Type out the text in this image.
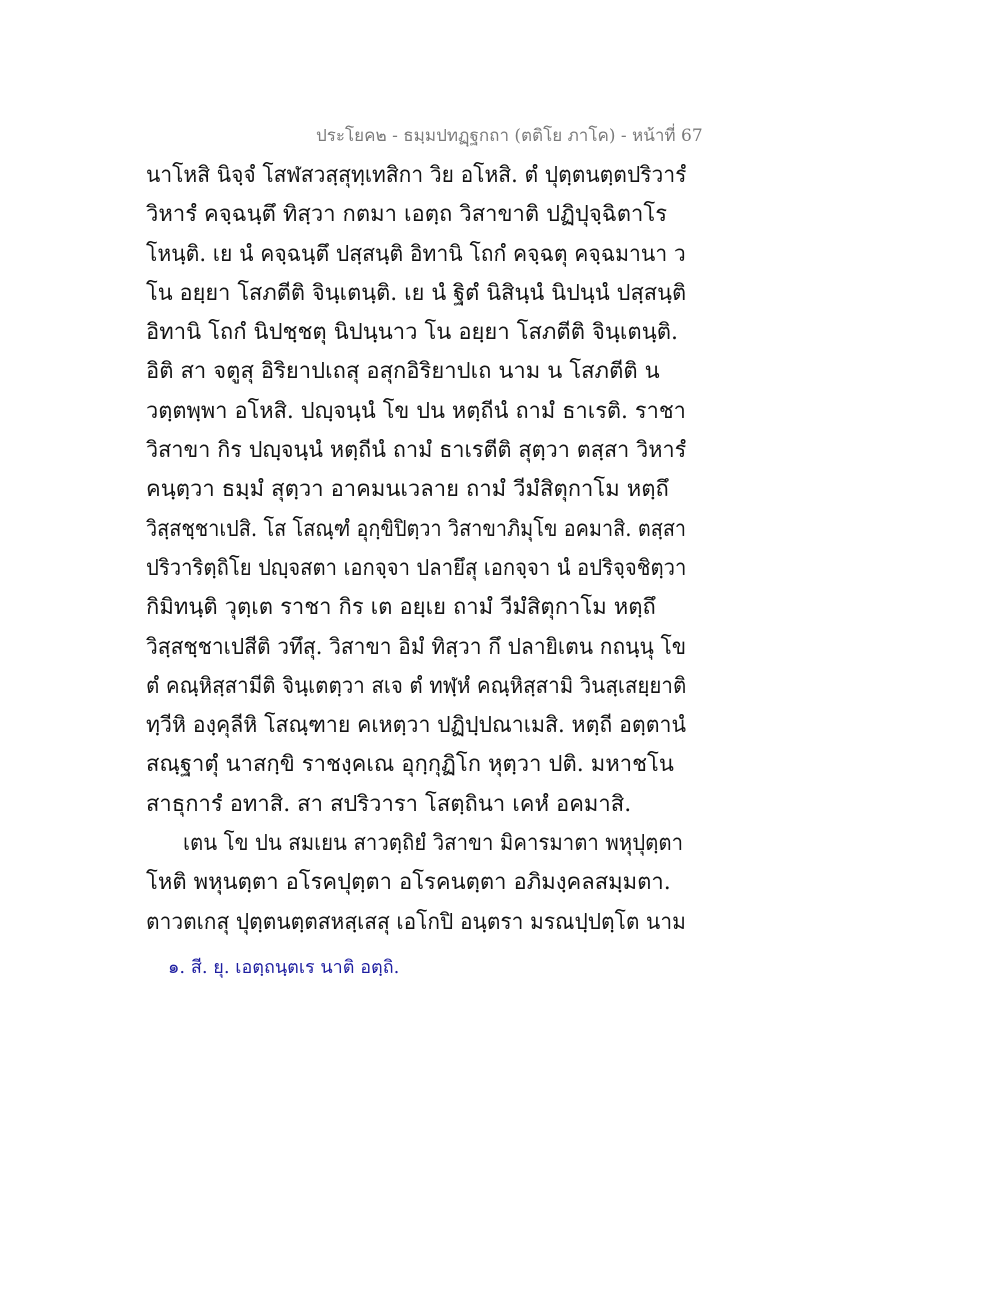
ประโยค๒ - ธมฺมปทฏฺฐกถา (ตติโย ภาโค) - หน้าที่ 67
นาโหสิ นิจฺจํ โสฬสวสฺสุทฺเทสิกา วิย อโหสิ. ตํ ปุตฺตนตฺตปริวารํ
วิหารํ คจฺฉนฺตึ ทิสฺวา กตมา เอตฺถ วิสาขาติ ปฏิปุจฺฉิตาโร
โหนฺติ. เย นํ คจฺฉนฺตึ ปสฺสนฺติ อิทานิ โถกํ คจฺฉตุ คจฺฉมานา ว
โน อยฺยา โสภตีติ จินฺเตนฺติ. เย นํ ฐิตํ นิสินฺนํ นิปนฺนํ ปสฺสนฺติ
อิทานิ โถกํ นิปชฺชตุ นิปนฺนาว โน อยฺยา โสภตีติ จินฺเตนฺติ.
อิติ สา จตูสุ อิริยาปเถสุ อสุกอิริยาปเถ นาม น โสภตีติ น
วตฺตพฺพา อโหสิ. ปญฺจนฺนํ โข ปน หตฺถีนํ ถามํ ธาเรติ. ราชา
วิสาขา กิร ปญฺจนฺนํ หตฺถีนํ ถามํ ธาเรตีติ สุตฺวา ตสฺสา วิหารํ
คนฺตฺวา ธมฺมํ สุตฺวา อาคมนเวลาย ถามํ วีมํสิตุกาโม หตฺถึ
วิสฺสชฺชาเปสิ. โส โสณฺฑํ อุกฺขิปิตฺวา วิสาขาภิมุโข อคมาสิ. ตสฺสา
ปริวาริตฺถิโย ปญฺจสตา เอกจฺจา ปลายึสุ เอกจฺจา นํ อปริจฺจชิตฺวา
กิมิทนฺติ วุตฺเต ราชา กิร เต อยฺเย ถามํ วีมํสิตุกาโม หตฺถึ
วิสฺสชฺชาเปสีติ วทึสุ. วิสาขา อิมํ ทิสฺวา กึ ปลายิเตน กถนฺนุ โข
ตํ คณฺหิสฺสามีติ จินฺเตตฺวา สเจ ตํ ทฬฺหํ คณฺหิสฺสามิ วินสฺเสยฺยาติ
ทฺวีหิ องฺคุลีหิ โสณฺฑาย คเหตฺวา ปฏิปฺปณาเมสิ. หตฺถี อตฺตานํ
สณฺฐาตุํ นาสกฺขิ ราชงฺคเณ อุกฺกุฏิโก หุตฺวา ปติ. มหาชโน
สาธุการํ อทาสิ. สา สปริวารา โสตฺถินา เคหํ อคมาสิ.
เตน โข ปน สมเยน สาวตฺถิยํ วิสาขา มิคารมาตา พหุปุตฺตา
โหติ พหุนตฺตา อโรคปุตฺตา อโรคนตฺตา อภิมงฺคลสมฺมตา.
ตาวตเกสุ ปุตฺตนตฺตสหสฺเสสุ เอโกปิ อนฺตรา มรณปฺปตฺโต นาม
๑. สี. ยุ. เอตฺถนฺตเร นาติ อตฺถิ.
